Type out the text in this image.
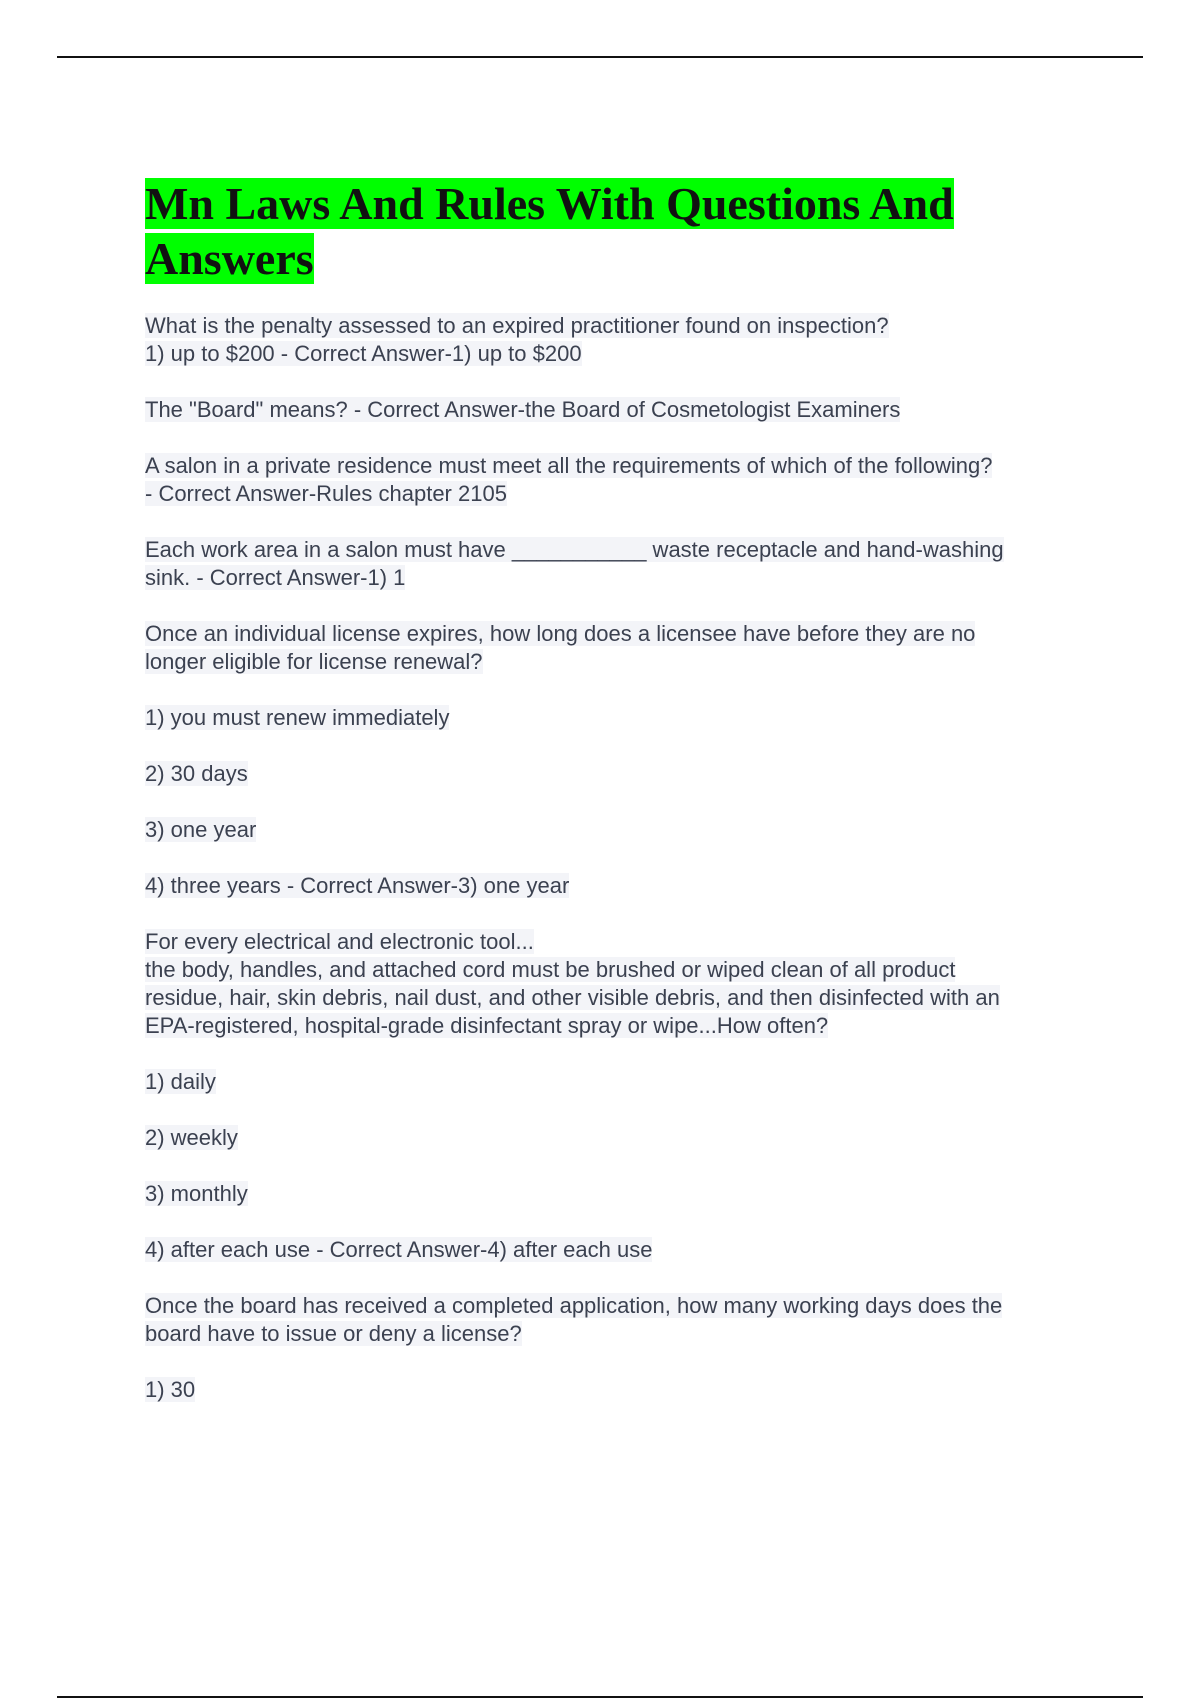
Mn Laws And Rules With Questions And Answers

What is the penalty assessed to an expired practitioner found on inspection?
1) up to $200 - Correct Answer-1) up to $200

The "Board" means? - Correct Answer-the Board of Cosmetologist Examiners

A salon in a private residence must meet all the requirements of which of the following?
- Correct Answer-Rules chapter 2105

Each work area in a salon must have ___________ waste receptacle and hand-washing
sink. - Correct Answer-1) 1

Once an individual license expires, how long does a licensee have before they are no
longer eligible for license renewal?

1) you must renew immediately

2) 30 days

3) one year

4) three years - Correct Answer-3) one year

For every electrical and electronic tool...
the body, handles, and attached cord must be brushed or wiped clean of all product
residue, hair, skin debris, nail dust, and other visible debris, and then disinfected with an
EPA-registered, hospital-grade disinfectant spray or wipe...How often?

1) daily

2) weekly

3) monthly

4) after each use - Correct Answer-4) after each use

Once the board has received a completed application, how many working days does the
board have to issue or deny a license?

1) 30
